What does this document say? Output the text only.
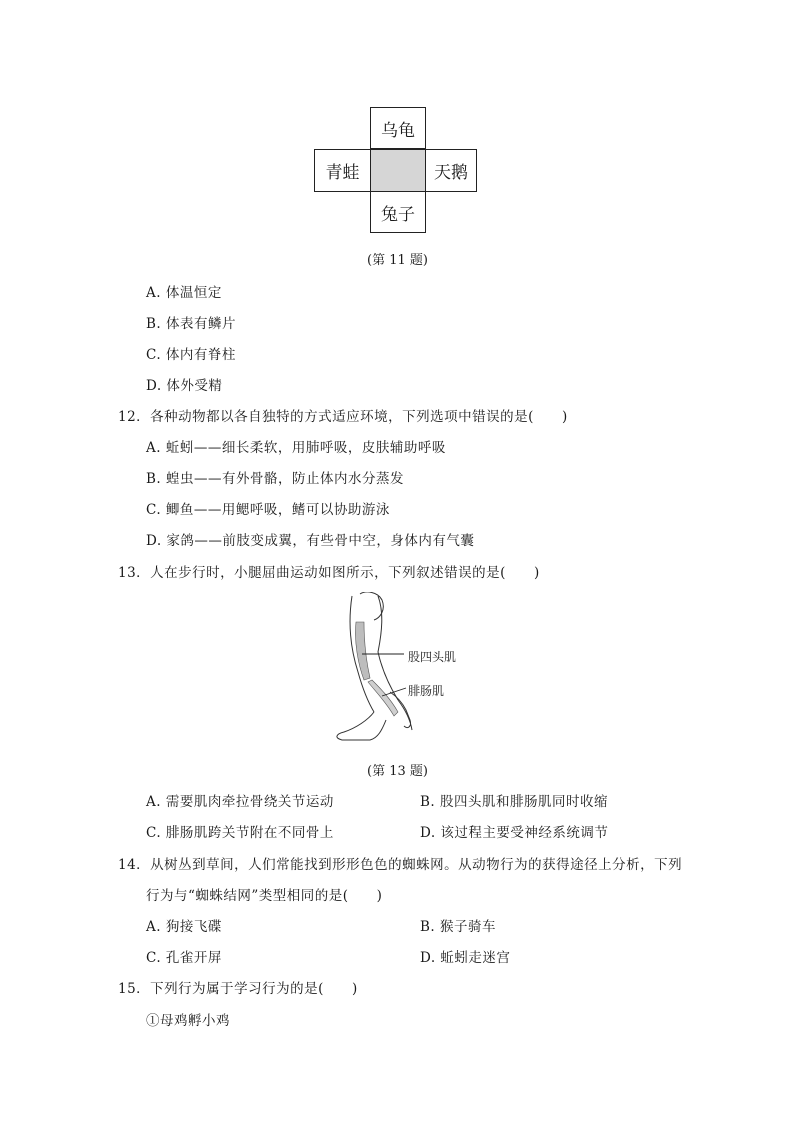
乌龟
青蛙	天鹅
兔子
(第 11 题)
A. 体温恒定
B. 体表有鳞片
C. 体内有脊柱
D. 体外受精
12．各种动物都以各自独特的方式适应环境，下列选项中错误的是(　　)
A. 蚯蚓——细长柔软，用肺呼吸，皮肤辅助呼吸
B. 蝗虫——有外骨骼，防止体内水分蒸发
C. 鲫鱼——用鳃呼吸，鳍可以协助游泳
D. 家鸽——前肢变成翼，有些骨中空，身体内有气囊
13．人在步行时，小腿屈曲运动如图所示，下列叙述错误的是(　　)
股四头肌
腓肠肌
(第 13 题)
A. 需要肌肉牵拉骨绕关节运动	B. 股四头肌和腓肠肌同时收缩
C. 腓肠肌跨关节附在不同骨上	D. 该过程主要受神经系统调节
14．从树丛到草间，人们常能找到形形色色的蜘蛛网。从动物行为的获得途径上分析，下列
行为与“蜘蛛结网”类型相同的是(　　)
A. 狗接飞碟	B. 猴子骑车
C. 孔雀开屏	D. 蚯蚓走迷宫
15．下列行为属于学习行为的是(　　)
①母鸡孵小鸡
